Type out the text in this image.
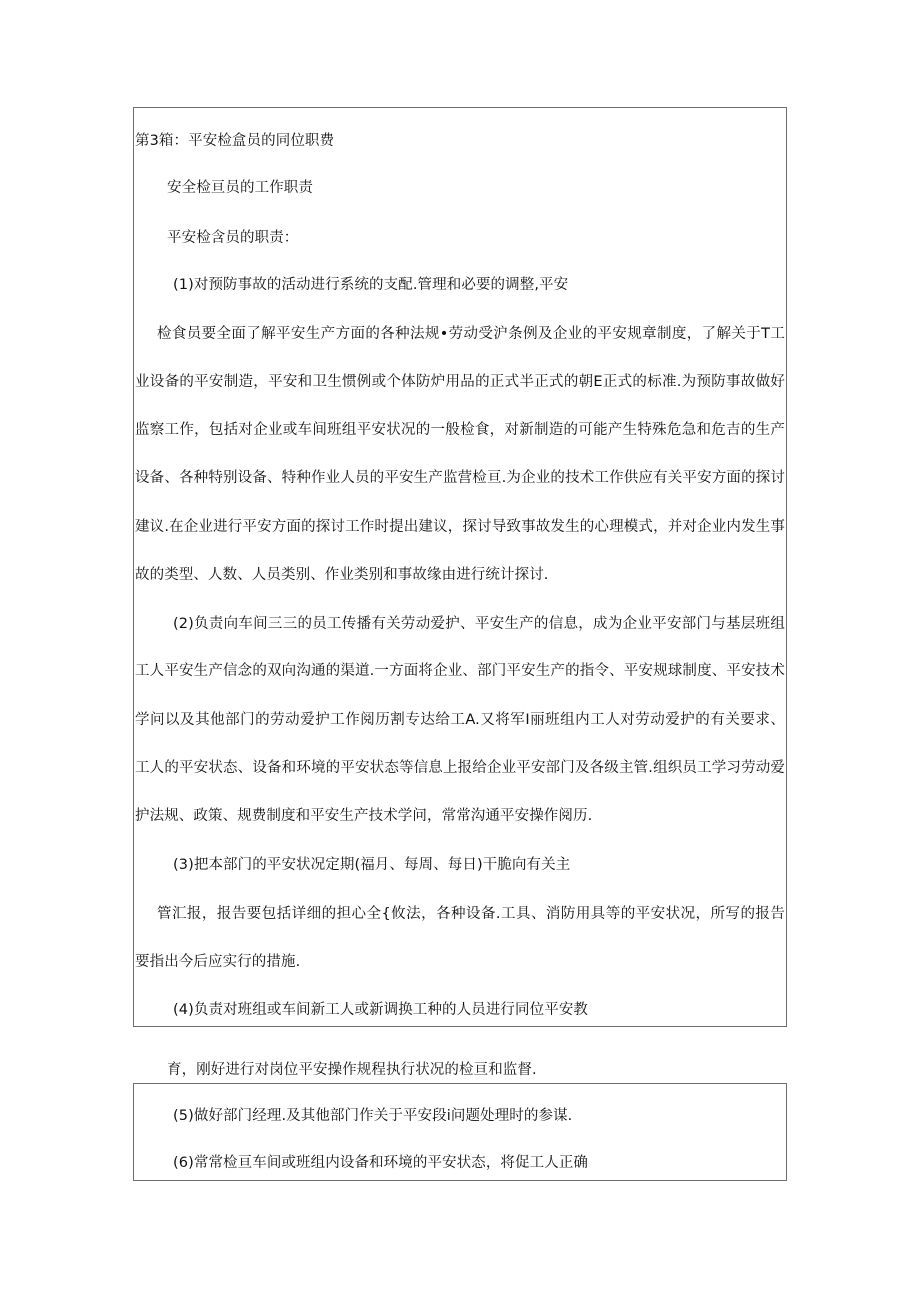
第3箱：平安检盒员的同位职费
安全检亘员的工作职责
平安检含员的职责：
(1)对预防事故的活动进行系统的支配.管理和必要的调整,平安
检食员要全面了解平安生产方面的各种法规•劳动受沪条例及企业的平安规章制度，了解关于T工
业设备的平安制造，平安和卫生惯例或个体防炉用品的正式半正式的朝E正式的标准.为预防事故做好
监察工作，包括对企业或车间班组平安状况的一般检食，对新制造的可能产生特殊危急和危吉的生产
设备、各种特别设备、特种作业人员的平安生产监营检亘.为企业的技术工作供应有关平安方面的探讨
建议.在企业进行平安方面的探讨工作时提出建议，探讨导致事故发生的心理模式，并对企业内发生事
故的类型、人数、人员类别、作业类别和事故缘由进行统计探讨.
(2)负责向车间三三的员工传播有关劳动爱护、平安生产的信息，成为企业平安部门与基层班组
工人平安生产信念的双向沟通的渠道.一方面将企业、部门平安生产的指令、平安规球制度、平安技术
学问以及其他部门的劳动爱护工作阅历割专达给工A.又将军I丽班组内工人对劳动爱护的有关要求、
工人的平安状态、设备和环境的平安状态等信息上报给企业平安部门及各级主管.组织员工学习劳动爱
护法规、政策、规费制度和平安生产技术学问，常常沟通平安操作阅历.
(3)把本部门的平安状况定期(福月、每周、每日)干脆向有关主
管汇报，报告要包括详细的担心全{攸法，各种设备.工具、消防用具等的平安状况，所写的报告
要指出今后应实行的措施.
(4)负责对班组或车间新工人或新调换工种的人员进行同位平安教
育，刚好进行对岗位平安操作规程执行状况的检亘和监督.
(5)做好部门经理.及其他部门作关于平安段i问题处理时的参谋.
(6)常常检亘车间或班组内设备和环境的平安状态，将促工人正确
